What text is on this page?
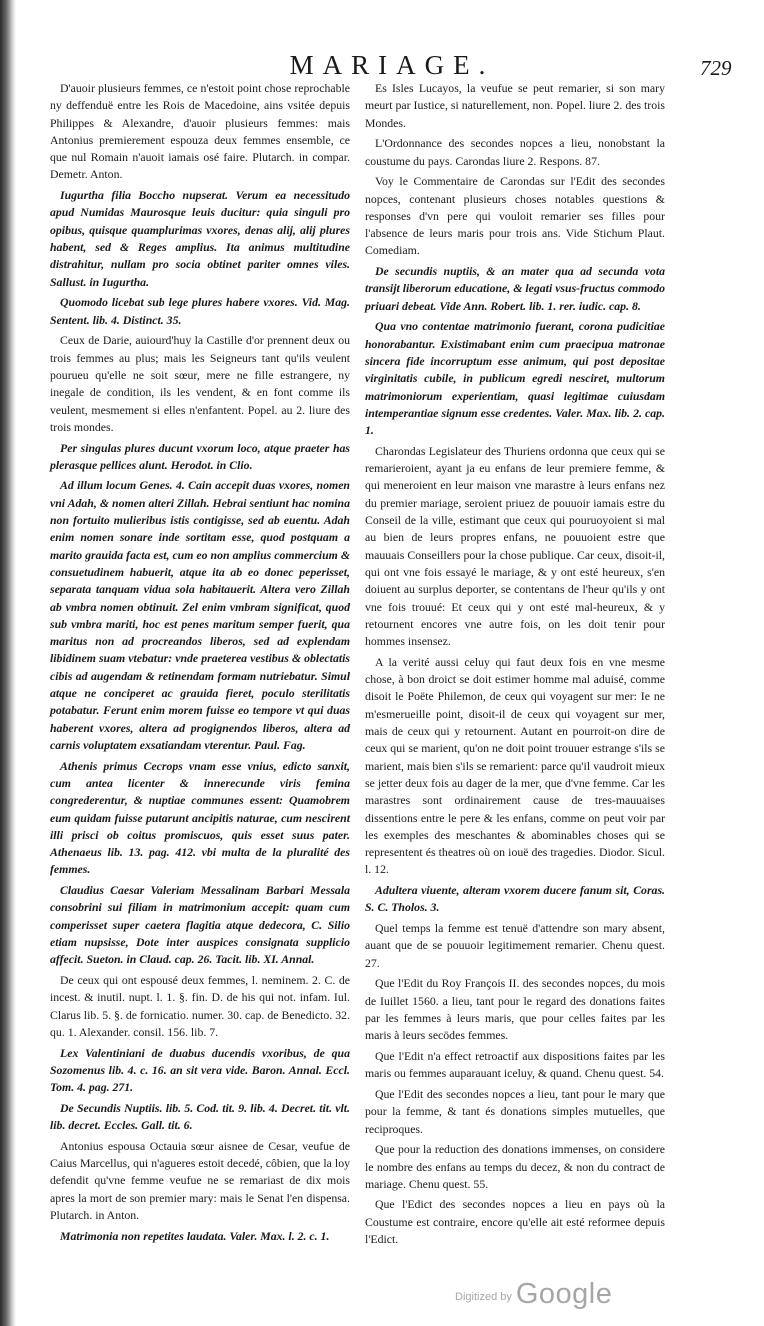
MARIAGE.	729

D'auoir plusieurs femmes, ce n'estoit point chose reprochable ny deffenduë entre les Rois de Macedoine, ains vsitée depuis Philippes & Alexandre, d'auoir plusieurs femmes: mais Antonius premierement espouza deux femmes ensemble, ce que nul Romain n'auoit iamais osé faire. Plutarch. in compar. Demetr. Anton.

Iugurtha filia Boccho nupserat. Verum ea necessitudo apud Numidas Maurosque leuis ducitur: quia singuli pro opibus, quisque quamplurimas vxores, denas alij, alij plures habent, sed & Reges amplius. Ita animus multitudine distrahitur, nullam pro socia obtinet pariter omnes viles. Sallust. in Iugurtha.

Quomodo licebat sub lege plures habere vxores. Vid. Mag. Sentent. lib. 4. Distinct. 35.

Ceux de Darie, auiourd'huy la Castille d'or prennent deux ou trois femmes au plus; mais les Seigneurs tant qu'ils veulent pourueu qu'elle ne soit sœur, mere ne fille estrangere, ny inegale de condition, ils les vendent, & en font comme ils veulent, mesmement si elles n'enfantent. Popel. au 2. liure des trois mondes.

Per singulas plures ducunt vxorum loco, atque praeter has plerasque pellices alunt. Herodot. in Clio.

Ad illum locum Genes. 4. Cain accepit duas vxores, nomen vni Adah, & nomen alteri Zillah. Hebrai sentiunt hac nomina non fortuito mulieribus istis contigisse, sed ab euentu. Adah enim nomen sonare inde sortitam esse, quod postquam a marito grauida facta est, cum eo non amplius commercium & consuetudinem habuerit, atque ita ab eo donec peperisset, separata tanquam vidua sola habitauerit. Altera vero Zillah ab vmbra nomen obtinuit. Zel enim vmbram significat, quod sub vmbra mariti, hoc est penes maritum semper fuerit, qua maritus non ad procreandos liberos, sed ad explendam libidinem suam vtebatur: vnde praeterea vestibus & oblectatis cibis ad augendam & retinendam formam nutriebatur. Simul atque ne conciperet ac grauida fieret, poculo sterilitatis potabatur. Ferunt enim morem fuisse eo tempore vt qui duas haberent vxores, altera ad progignendos liberos, altera ad carnis voluptatem exsatiandam vterentur. Paul. Fag.

Athenis primus Cecrops vnam esse vnius, edicto sanxit, cum antea licenter & innerecunde viris femina congrederentur, & nuptiae communes essent: Quamobrem eum quidam fuisse putarunt ancipitis naturae, cum nescirent illi prisci ob coitus promiscuos, quis esset suus pater. Athenaeus lib. 13. pag. 412. vbi multa de la pluralité des femmes.

Claudius Caesar Valeriam Messalinam Barbari Messala consobrini sui filiam in matrimonium accepit: quam cum comperisset super caetera flagitia atque dedecora, C. Silio etiam nupsisse, Dote inter auspices consignata supplicio affecit. Sueton. in Claud. cap. 26. Tacit. lib. XI. Annal.

De ceux qui ont espousé deux femmes, l. neminem. 2. C. de incest. & inutil. nupt. l. 1. §. fin. D. de his qui not. infam. Iul. Clarus lib. 5. §. de fornicatio. numer. 30. cap. de Benedicto. 32. qu. 1. Alexander. consil. 156. lib. 7.

Lex Valentiniani de duabus ducendis vxoribus, de qua Sozomenus lib. 4. c. 16. an sit vera vide. Baron. Annal. Eccl. Tom. 4. pag. 271.

De Secundis Nuptiis. lib. 5. Cod. tit. 9. lib. 4. Decret. tit. vlt. lib. decret. Eccles. Gall. tit. 6.

Antonius espousa Octauia sœur aisnee de Cesar, veufue de Caius Marcellus, qui n'agueres estoit decedé, côbien, que la loy defendit qu'vne femme veufue ne se remariast de dix mois apres la mort de son premier mary: mais le Senat l'en dispensa. Plutarch. in Anton.

Matrimonia non repetites laudata. Valer. Max. l. 2. c. 1.

Es Isles Lucayos, la veufue se peut remarier, si son mary meurt par Iustice, si naturellement, non. Popel. liure 2. des trois Mondes.

L'Ordonnance des secondes nopces a lieu, nonobstant la coustume du pays. Carondas liure 2. Respons. 87.

Voy le Commentaire de Carondas sur l'Edit des secondes nopces, contenant plusieurs choses notables questions & responses d'vn pere qui vouloit remarier ses filles pour l'absence de leurs maris pour trois ans. Vide Stichum Plaut. Comediam.

De secundis nuptiis, & an mater qua ad secunda vota transijt liberorum educatione, & legati vsus-fructus commodo priuari debeat. Vide Ann. Robert. lib. 1. rer. iudic. cap. 8.

Qua vno contentae matrimonio fuerant, corona pudicitiae honorabantur. Existimabant enim cum praecipua matronae sincera fide incorruptum esse animum, qui post depositae virginitatis cubile, in publicum egredi nesciret, multorum matrimoniorum experientiam, quasi legitimae cuiusdam intemperantiae signum esse credentes. Valer. Max. lib. 2. cap. 1.

Charondas Legislateur des Thuriens ordonna que ceux qui se remarieroient, ayant ja eu enfans de leur premiere femme, & qui meneroient en leur maison vne marastre à leurs enfans nez du premier mariage, seroient priuez de pouuoir iamais estre du Conseil de la ville, estimant que ceux qui pouruoyoient si mal au bien de leurs propres enfans, ne pouuoient estre que mauuais Conseillers pour la chose publique. Car ceux, disoit-il, qui ont vne fois essayé le mariage, & y ont esté heureux, s'en doiuent au surplus deporter, se contentans de l'heur qu'ils y ont vne fois trouué: Et ceux qui y ont esté mal-heureux, & y retournent encores vne autre fois, on les doit tenir pour hommes insensez.

A la verité aussi celuy qui faut deux fois en vne mesme chose, à bon droict se doit estimer homme mal aduisé, comme disoit le Poëte Philemon, de ceux qui voyagent sur mer: Ie ne m'esmerueille point, disoit-il de ceux qui voyagent sur mer, mais de ceux qui y retournent. Autant en pourroit-on dire de ceux qui se marient, qu'on ne doit point trouuer estrange s'ils se marient, mais bien s'ils se remarient: parce qu'il vaudroit mieux se jetter deux fois au dager de la mer, que d'vne femme. Car les marastres sont ordinairement cause de tres-mauuaises dissentions entre le pere & les enfans, comme on peut voir par les exemples des meschantes & abominables choses qui se representent és theatres où on iouë des tragedies. Diodor. Sicul. l. 12.

Adultera viuente, alteram vxorem ducere fanum sit, Coras. S. C. Tholos. 3.

Quel temps la femme est tenuë d'attendre son mary absent, auant que de se pouuoir legitimement remarier. Chenu quest. 27.

Que l'Edit du Roy François II. des secondes nopces, du mois de Iuillet 1560. a lieu, tant pour le regard des donations faites par les femmes à leurs maris, que pour celles faites par les maris à leurs secödes femmes.

Que l'Edit n'a effect retroactif aux dispositions faites par les maris ou femmes auparauant iceluy, & quand. Chenu quest. 54.

Que l'Edit des secondes nopces a lieu, tant pour le mary que pour la femme, & tant és donations simples mutuelles, que reciproques.

Que pour la reduction des donations immenses, on considere le nombre des enfans au temps du decez, & non du contract de mariage. Chenu quest. 55.

Que l'Edict des secondes nopces a lieu en pays où la Coustume est contraire, encore qu'elle ait esté reformee depuis l'Edict.

Digitized by Google
